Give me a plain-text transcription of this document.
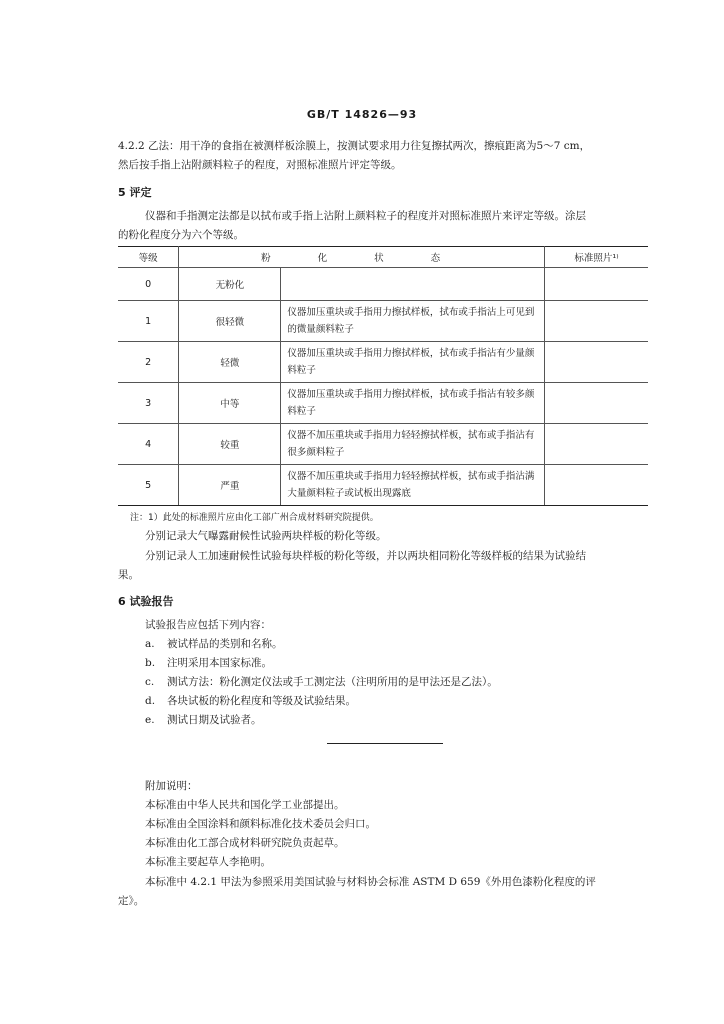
GB/T 14826—93
4.2.2 乙法：用干净的食指在被测样板涂膜上，按测试要求用力往复擦拭两次，擦痕距离为5～7 cm，
然后按手指上沾附颜料粒子的程度，对照标准照片评定等级。
5 评定
仪器和手指测定法都是以拭布或手指上沾附上颜料粒子的程度并对照标准照片来评定等级。涂层
的粉化程度分为六个等级。
等级	粉 化 状 态		标准照片¹⁾
0	无粉化		
1	很轻微	仪器加压重块或手指用力擦拭样板，拭布或手指沾上可见到的微量颜料粒子	
2	轻微	仪器加压重块或手指用力擦拭样板，拭布或手指沾有少量颜料粒子	
3	中等	仪器加压重块或手指用力擦拭样板，拭布或手指沾有较多颜料粒子	
4	较重	仪器不加压重块或手指用力轻轻擦拭样板，拭布或手指沾有很多颜料粒子	
5	严重	仪器不加压重块或手指用力轻轻擦拭样板，拭布或手指沾满大量颜料粒子或试板出现露底	
注：1）此处的标准照片应由化工部广州合成材料研究院提供。
分别记录大气曝露耐候性试验两块样板的粉化等级。
分别记录人工加速耐候性试验每块样板的粉化等级，并以两块相同粉化等级样板的结果为试验结
果。
6 试验报告
试验报告应包括下列内容：
a. 被试样品的类别和名称。
b. 注明采用本国家标准。
c. 测试方法：粉化测定仪法或手工测定法（注明所用的是甲法还是乙法）。
d. 各块试板的粉化程度和等级及试验结果。
e. 测试日期及试验者。
附加说明：
本标准由中华人民共和国化学工业部提出。
本标准由全国涂料和颜料标准化技术委员会归口。
本标准由化工部合成材料研究院负责起草。
本标准主要起草人李艳明。
本标准中 4.2.1 甲法为参照采用美国试验与材料协会标准 ASTM D 659《外用色漆粉化程度的评
定》。
